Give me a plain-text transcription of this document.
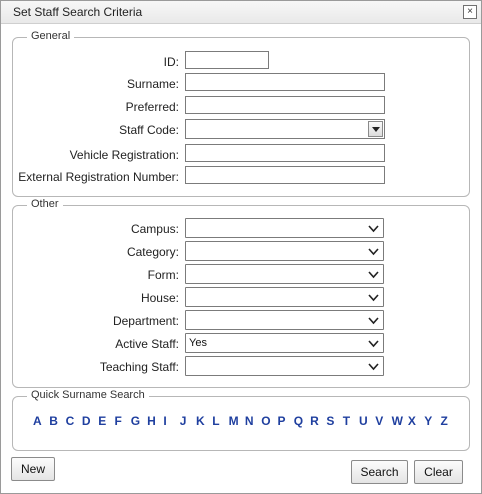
Set Staff Search Criteria	×
General
ID:
Surname:
Preferred:
Staff Code:
Vehicle Registration:
External Registration Number:
Other
Campus:
Category:
Form:
House:
Department:
Active Staff: Yes
Teaching Staff:
Quick Surname Search
A B C D E F G H I J K L M N O P Q R S T U V W X Y Z
New	Search	Clear
